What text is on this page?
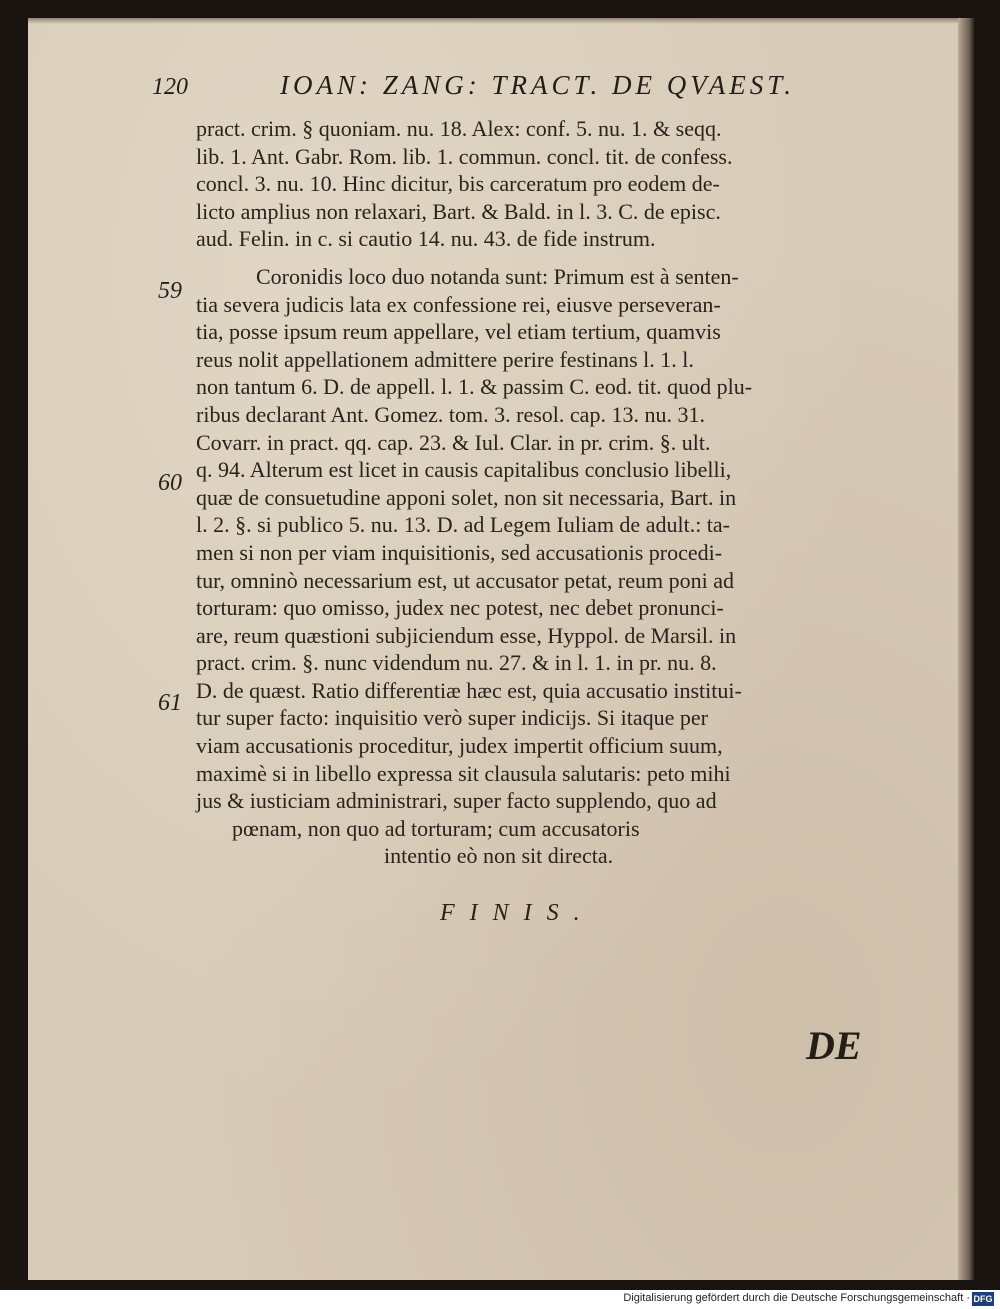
120	IOAN: ZANG: TRACT. DE QVAEST.
pract. crim. § quoniam. nu. 18. Alex: conf. 5. nu. 1. & seqq.
lib. 1. Ant. Gabr. Rom. lib. 1. commun. concl. tit. de confess.
concl. 3. nu. 10. Hinc dicitur, bis carceratum pro eodem de-
licto amplius non relaxari, Bart. & Bald. in l. 3. C. de episc.
aud. Felin. in c. si cautio 14. nu. 43. de fide instrum.
Coronidis loco duo notanda sunt: Primum est à senten-
tia severa judicis lata ex confessione rei, eiusve perseveran-
tia, posse ipsum reum appellare, vel etiam tertium, quamvis
reus nolit appellationem admittere perire festinans l. 1. l.
non tantum 6. D. de appell. l. 1. & passim C. eod. tit. quod plu-
ribus declarant Ant. Gomez. tom. 3. resol. cap. 13. nu. 31.
Covarr. in pract. qq. cap. 23. & Iul. Clar. in pr. crim. §. ult.
q. 94. Alterum est licet in causis capitalibus conclusio libelli,
quæ de consuetudine apponi solet, non sit necessaria, Bart. in
l. 2. §. si publico 5. nu. 13. D. ad Legem Iuliam de adult.: ta-
men si non per viam inquisitionis, sed accusationis procedi-
tur, omninò necessarium est, ut accusator petat, reum poni ad
torturam: quo omisso, judex nec potest, nec debet pronunci-
are, reum quæstioni subjiciendum esse, Hyppol. de Marsil. in
pract. crim. §. nunc videndum nu. 27. & in l. 1. in pr. nu. 8.
D. de quæst. Ratio differentiæ hæc est, quia accusatio institui-
tur super facto: inquisitio verò super indicijs. Si itaque per
viam accusationis proceditur, judex impertit officium suum,
maximè si in libello expressa sit clausula salutaris: peto mihi
jus & iusticiam administrari, super facto supplendo, quo ad
pœnam, non quo ad torturam; cum accusatoris
intentio eò non sit directa.
59
60
61
FINIS.
DE
Digitalisierung gefördert durch die Deutsche Forschungsgemeinschaft · DFG
